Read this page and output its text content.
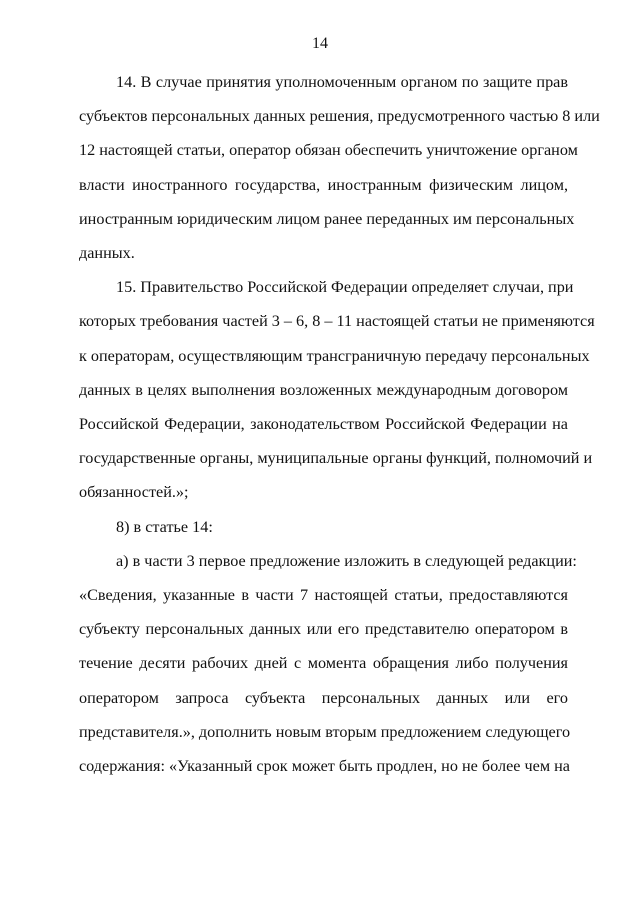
14
14. В случае принятия уполномоченным органом по защите прав
субъектов персональных данных решения, предусмотренного частью 8 или
12 настоящей статьи, оператор обязан обеспечить уничтожение органом
власти иностранного государства, иностранным физическим лицом,
иностранным юридическим лицом ранее переданных им персональных
данных.
15. Правительство Российской Федерации определяет случаи, при
которых требования частей 3 – 6, 8 – 11 настоящей статьи не применяются
к операторам, осуществляющим трансграничную передачу персональных
данных в целях выполнения возложенных международным договором
Российской Федерации, законодательством Российской Федерации на
государственные органы, муниципальные органы функций, полномочий и
обязанностей.»;
8) в статье 14:
а) в части 3 первое предложение изложить в следующей редакции:
«Сведения, указанные в части 7 настоящей статьи, предоставляются
субъекту персональных данных или его представителю оператором в
течение десяти рабочих дней с момента обращения либо получения
оператором запроса субъекта персональных данных или его
представителя.», дополнить новым вторым предложением следующего
содержания: «Указанный срок может быть продлен, но не более чем на
